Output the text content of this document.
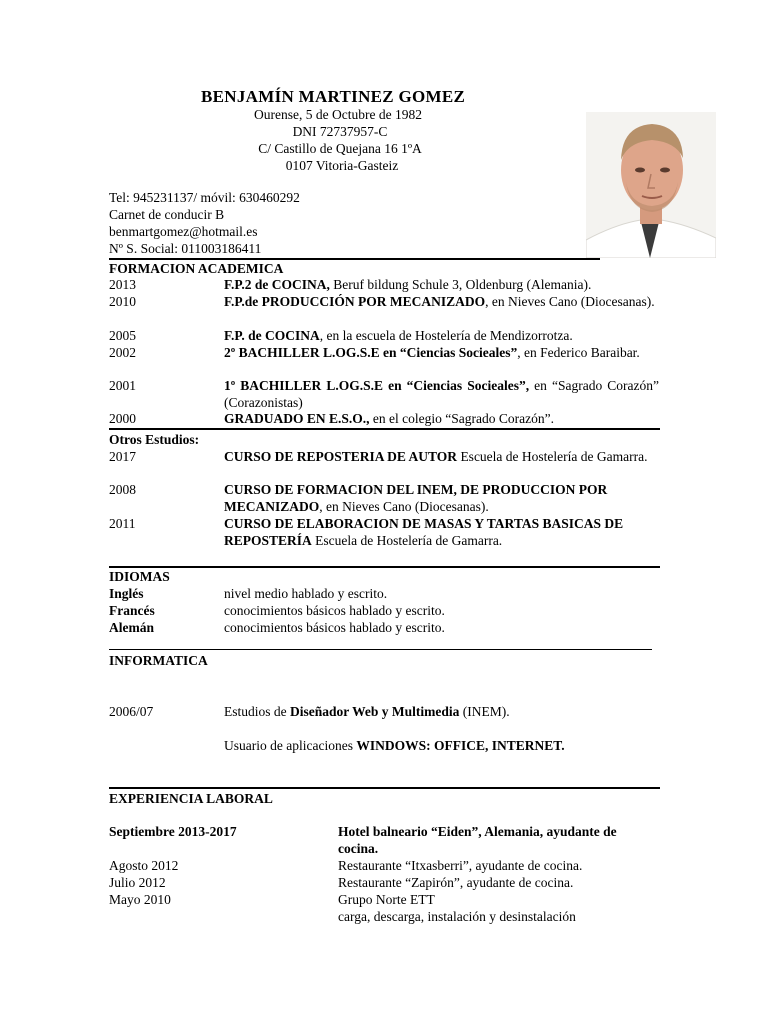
BENJAMÍN MARTINEZ GOMEZ
Ourense, 5 de Octubre de 1982
DNI 72737957-C
C/ Castillo de Quejana 16 1ºA
0107 Vitoria-Gasteiz
Tel: 945231137/ móvil: 630460292
Carnet de conducir B
benmartgomez@hotmail.es
Nº S. Social: 011003186411
FORMACION ACADEMICA
2013	F.P.2 de COCINA, Beruf bildung Schule 3, Oldenburg (Alemania).
2010	F.P.de PRODUCCIÓN POR MECANIZADO, en Nieves Cano (Diocesanas).
2005	F.P. de COCINA, en la escuela de Hostelería de Mendizorrotza.
2002	2º BACHILLER L.OG.S.E en “Ciencias Socieales”, en Federico Baraibar.
2001	1º BACHILLER L.OG.S.E en “Ciencias Socieales”, en “Sagrado Corazón” (Corazonistas)
2000	GRADUADO EN E.S.O., en el colegio “Sagrado Corazón”.
Otros Estudios:
2017	CURSO DE REPOSTERIA DE AUTOR Escuela de Hostelería de Gamarra.
2008	CURSO DE FORMACION DEL INEM, DE PRODUCCION POR MECANIZADO, en Nieves Cano (Diocesanas).
2011	CURSO DE ELABORACION DE MASAS Y TARTAS BASICAS DE REPOSTERÍA Escuela de Hostelería de Gamarra.
IDIOMAS
Inglés	nivel medio hablado y escrito.
Francés	conocimientos básicos hablado y escrito.
Alemán	conocimientos básicos hablado y escrito.
INFORMATICA
2006/07	Estudios de Diseñador Web y Multimedia (INEM).
Usuario de aplicaciones WINDOWS: OFFICE, INTERNET.
EXPERIENCIA LABORAL
Septiembre 2013-2017	Hotel balneario “Eiden”, Alemania, ayudante de cocina.
Agosto 2012	Restaurante “Itxasberri”, ayudante de cocina.
Julio 2012	Restaurante “Zapirón”, ayudante de cocina.
Mayo 2010	Grupo Norte ETT
carga, descarga, instalación y desinstalación
